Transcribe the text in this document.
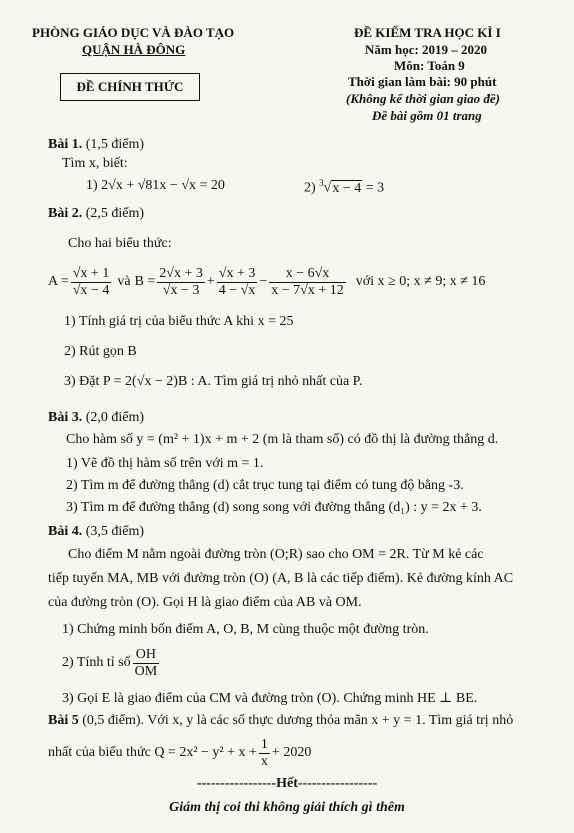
PHÒNG GIÁO DỤC VÀ ĐÀO TẠO
QUẬN HÀ ĐÔNG
ĐỀ CHÍNH THỨC
ĐỀ KIỂM TRA HỌC KÌ I
Năm học: 2019 – 2020
Môn: Toán 9
Thời gian làm bài: 90 phút
(Không kể thời gian giao đề)
Đề bài gồm 01 trang
Bài 1. (1,5 điểm)
Tìm x, biết:
1) 2√x + √81x − √x = 20	2) $^3$√x − 4 = 3
Bài 2. (2,5 điểm)
Cho hai biểu thức:
$A = \frac{√x + 1}{√x - 4}$ và $B = \frac{2√x + 3}{√x - 3} + \frac{√x + 3}{4 - √x} - \frac{x - 6√x}{x - 7√x + 12}$ với x ≥ 0; x ≠ 9; x ≠ 16
1) Tính giá trị của biểu thức A khi x = 25
2) Rút gọn B
3) Đặt P = 2(√x − 2)B : A. Tìm giá trị nhỏ nhất của P.
Bài 3. (2,0 điểm)
Cho hàm số y = (m² + 1)x + m + 2 (m là tham số) có đồ thị là đường thẳng d.
1) Vẽ đồ thị hàm số trên với m = 1.
2) Tìm m để đường thẳng (d) cắt trục tung tại điểm có tung độ bằng -3.
3) Tìm m để đường thẳng (d) song song với đường thẳng (d₁) : y = 2x + 3.
Bài 4. (3,5 điểm)
Cho điểm M nằm ngoài đường tròn (O;R) sao cho OM = 2R. Từ M kẻ các
tiếp tuyến MA, MB với đường tròn (O) (A, B là các tiếp điểm). Kẻ đường kính AC
của đường tròn (O). Gọi H là giao điểm của AB và OM.
1) Chứng minh bốn điểm A, O, B, M cùng thuộc một đường tròn.
2) Tính tỉ số $\frac{OH}{OM}$
3) Gọi E là giao điểm của CM và đường tròn (O). Chứng minh HE ⊥ BE.
Bài 5 (0,5 điểm). Với x, y là các số thực dương thỏa mãn x + y = 1. Tìm giá trị nhỏ
nhất của biểu thức $Q = 2x^2 - y^2 + x + \frac{1}{x} + 2020$
-----------------Hết-----------------
Giám thị coi thi không giải thích gì thêm
